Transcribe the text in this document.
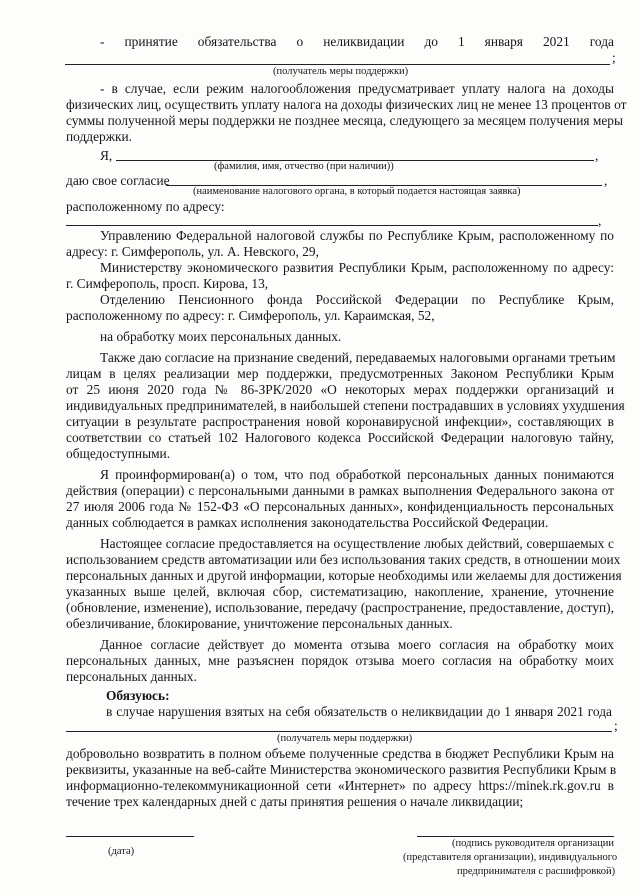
- принятие обязательства о неликвидации до 1 января 2021 года
;
(получатель меры поддержки)
- в случае, если режим налогообложения предусматривает уплату налога на доходы
физических лиц, осуществить уплату налога на доходы физических лиц не менее 13 процентов от
суммы полученной меры поддержки не позднее месяца, следующего за месяцем получения меры
поддержки.
Я,	,
(фамилия, имя, отчество (при наличии))
даю свое согласие	,
(наименование налогового органа, в который подается настоящая заявка)
расположенному по адресу:
,
Управлению Федеральной налоговой службы по Республике Крым, расположенному по
адресу: г. Симферополь, ул. А. Невского, 29,
Министерству экономического развития Республики Крым, расположенному по адресу:
г. Симферополь, просп. Кирова, 13,
Отделению Пенсионного фонда Российской Федерации по Республике Крым,
расположенному по адресу: г. Симферополь, ул. Караимская, 52,
на обработку моих персональных данных.
Также даю согласие на признание сведений, передаваемых налоговыми органами третьим
лицам в целях реализации мер поддержки, предусмотренных Законом Республики Крым
от 25 июня 2020 года № 86-ЗРК/2020 «О некоторых мерах поддержки организаций и
индивидуальных предпринимателей, в наибольшей степени пострадавших в условиях ухудшения
ситуации в результате распространения новой коронавирусной инфекции», составляющих в
соответствии со статьей 102 Налогового кодекса Российской Федерации налоговую тайну,
общедоступными.
Я проинформирован(а) о том, что под обработкой персональных данных понимаются
действия (операции) с персональными данными в рамках выполнения Федерального закона от
27 июля 2006 года № 152-ФЗ «О персональных данных», конфиденциальность персональных
данных соблюдается в рамках исполнения законодательства Российской Федерации.
Настоящее согласие предоставляется на осуществление любых действий, совершаемых с
использованием средств автоматизации или без использования таких средств, в отношении моих
персональных данных и другой информации, которые необходимы или желаемы для достижения
указанных выше целей, включая сбор, систематизацию, накопление, хранение, уточнение
(обновление, изменение), использование, передачу (распространение, предоставление, доступ),
обезличивание, блокирование, уничтожение персональных данных.
Данное согласие действует до момента отзыва моего согласия на обработку моих
персональных данных, мне разъяснен порядок отзыва моего согласия на обработку моих
персональных данных.
Обязуюсь:
в случае нарушения взятых на себя обязательств о неликвидации до 1 января 2021 года
;
(получатель меры поддержки)
добровольно возвратить в полном объеме полученные средства в бюджет Республики Крым на
реквизиты, указанные на веб-сайте Министерства экономического развития Республики Крым в
информационно-телекоммуникационной сети «Интернет» по адресу https://minek.rk.gov.ru в
течение трех календарных дней с даты принятия решения о начале ликвидации;
(дата)
(подпись руководителя организации
(представителя организации), индивидуального
предпринимателя с расшифровкой)
